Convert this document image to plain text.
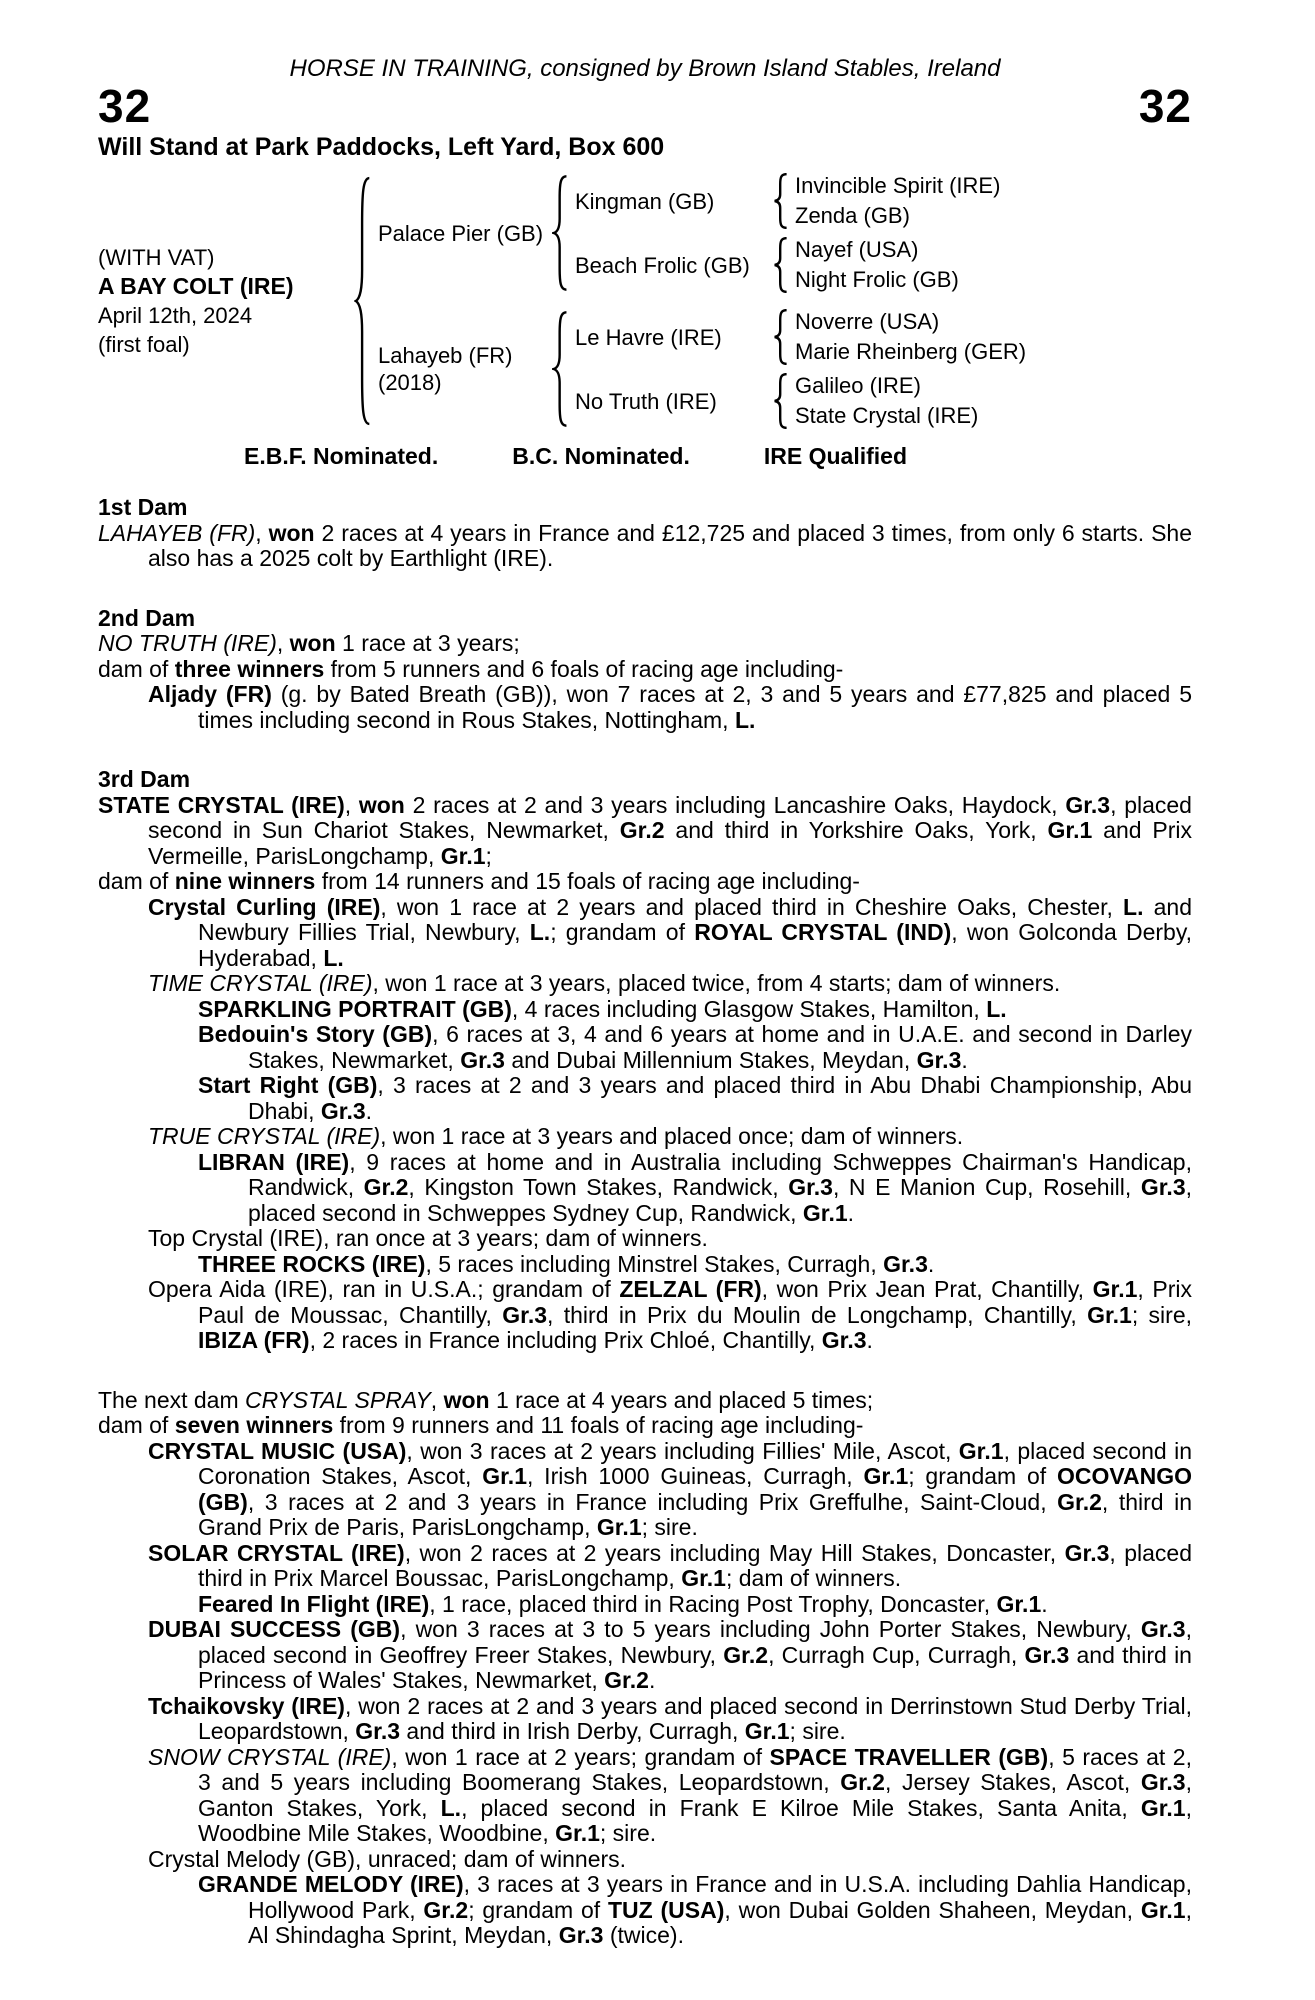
HORSE IN TRAINING, consigned by Brown Island Stables, Ireland
32	32
Will Stand at Park Paddocks, Left Yard, Box 600
(WITH VAT)
A BAY COLT (IRE)
April 12th, 2024
(first foal)
Palace Pier (GB)
Kingman (GB)
Invincible Spirit (IRE)
Zenda (GB)
Beach Frolic (GB)
Nayef (USA)
Night Frolic (GB)
Lahayeb (FR)
(2018)
Le Havre (IRE)
Noverre (USA)
Marie Rheinberg (GER)
No Truth (IRE)
Galileo (IRE)
State Crystal (IRE)
E.B.F. Nominated.	B.C. Nominated.	IRE Qualified
1st Dam

LAHAYEB (FR), won 2 races at 4 years in France and £12,725 and placed 3 times, from only 6 starts. She also has a 2025 colt by Earthlight (IRE).

2nd Dam

NO TRUTH (IRE), won 1 race at 3 years;

dam of three winners from 5 runners and 6 foals of racing age including-

Aljady (FR) (g. by Bated Breath (GB)), won 7 races at 2, 3 and 5 years and £77,825 and placed 5 times including second in Rous Stakes, Nottingham, L.

3rd Dam

STATE CRYSTAL (IRE), won 2 races at 2 and 3 years including Lancashire Oaks, Haydock, Gr.3, placed second in Sun Chariot Stakes, Newmarket, Gr.2 and third in Yorkshire Oaks, York, Gr.1 and Prix Vermeille, ParisLongchamp, Gr.1;

dam of nine winners from 14 runners and 15 foals of racing age including-

Crystal Curling (IRE), won 1 race at 2 years and placed third in Cheshire Oaks, Chester, L. and Newbury Fillies Trial, Newbury, L.; grandam of ROYAL CRYSTAL (IND), won Golconda Derby, Hyderabad, L.

TIME CRYSTAL (IRE), won 1 race at 3 years, placed twice, from 4 starts; dam of winners.

SPARKLING PORTRAIT (GB), 4 races including Glasgow Stakes, Hamilton, L.

Bedouin's Story (GB), 6 races at 3, 4 and 6 years at home and in U.A.E. and second in Darley Stakes, Newmarket, Gr.3 and Dubai Millennium Stakes, Meydan, Gr.3.

Start Right (GB), 3 races at 2 and 3 years and placed third in Abu Dhabi Championship, Abu Dhabi, Gr.3.

TRUE CRYSTAL (IRE), won 1 race at 3 years and placed once; dam of winners.

LIBRAN (IRE), 9 races at home and in Australia including Schweppes Chairman's Handicap, Randwick, Gr.2, Kingston Town Stakes, Randwick, Gr.3, N E Manion Cup, Rosehill, Gr.3, placed second in Schweppes Sydney Cup, Randwick, Gr.1.

Top Crystal (IRE), ran once at 3 years; dam of winners.

THREE ROCKS (IRE), 5 races including Minstrel Stakes, Curragh, Gr.3.

Opera Aida (IRE), ran in U.S.A.; grandam of ZELZAL (FR), won Prix Jean Prat, Chantilly, Gr.1, Prix Paul de Moussac, Chantilly, Gr.3, third in Prix du Moulin de Longchamp, Chantilly, Gr.1; sire, IBIZA (FR), 2 races in France including Prix Chloé, Chantilly, Gr.3.

The next dam CRYSTAL SPRAY, won 1 race at 4 years and placed 5 times;

dam of seven winners from 9 runners and 11 foals of racing age including-

CRYSTAL MUSIC (USA), won 3 races at 2 years including Fillies' Mile, Ascot, Gr.1, placed second in Coronation Stakes, Ascot, Gr.1, Irish 1000 Guineas, Curragh, Gr.1; grandam of OCOVANGO (GB), 3 races at 2 and 3 years in France including Prix Greffulhe, Saint-Cloud, Gr.2, third in Grand Prix de Paris, ParisLongchamp, Gr.1; sire.

SOLAR CRYSTAL (IRE), won 2 races at 2 years including May Hill Stakes, Doncaster, Gr.3, placed third in Prix Marcel Boussac, ParisLongchamp, Gr.1; dam of winners.

Feared In Flight (IRE), 1 race, placed third in Racing Post Trophy, Doncaster, Gr.1.

DUBAI SUCCESS (GB), won 3 races at 3 to 5 years including John Porter Stakes, Newbury, Gr.3, placed second in Geoffrey Freer Stakes, Newbury, Gr.2, Curragh Cup, Curragh, Gr.3 and third in Princess of Wales' Stakes, Newmarket, Gr.2.

Tchaikovsky (IRE), won 2 races at 2 and 3 years and placed second in Derrinstown Stud Derby Trial, Leopardstown, Gr.3 and third in Irish Derby, Curragh, Gr.1; sire.

SNOW CRYSTAL (IRE), won 1 race at 2 years; grandam of SPACE TRAVELLER (GB), 5 races at 2, 3 and 5 years including Boomerang Stakes, Leopardstown, Gr.2, Jersey Stakes, Ascot, Gr.3, Ganton Stakes, York, L., placed second in Frank E Kilroe Mile Stakes, Santa Anita, Gr.1, Woodbine Mile Stakes, Woodbine, Gr.1; sire.

Crystal Melody (GB), unraced; dam of winners.

GRANDE MELODY (IRE), 3 races at 3 years in France and in U.S.A. including Dahlia Handicap, Hollywood Park, Gr.2; grandam of TUZ (USA), won Dubai Golden Shaheen, Meydan, Gr.1, Al Shindagha Sprint, Meydan, Gr.3 (twice).
